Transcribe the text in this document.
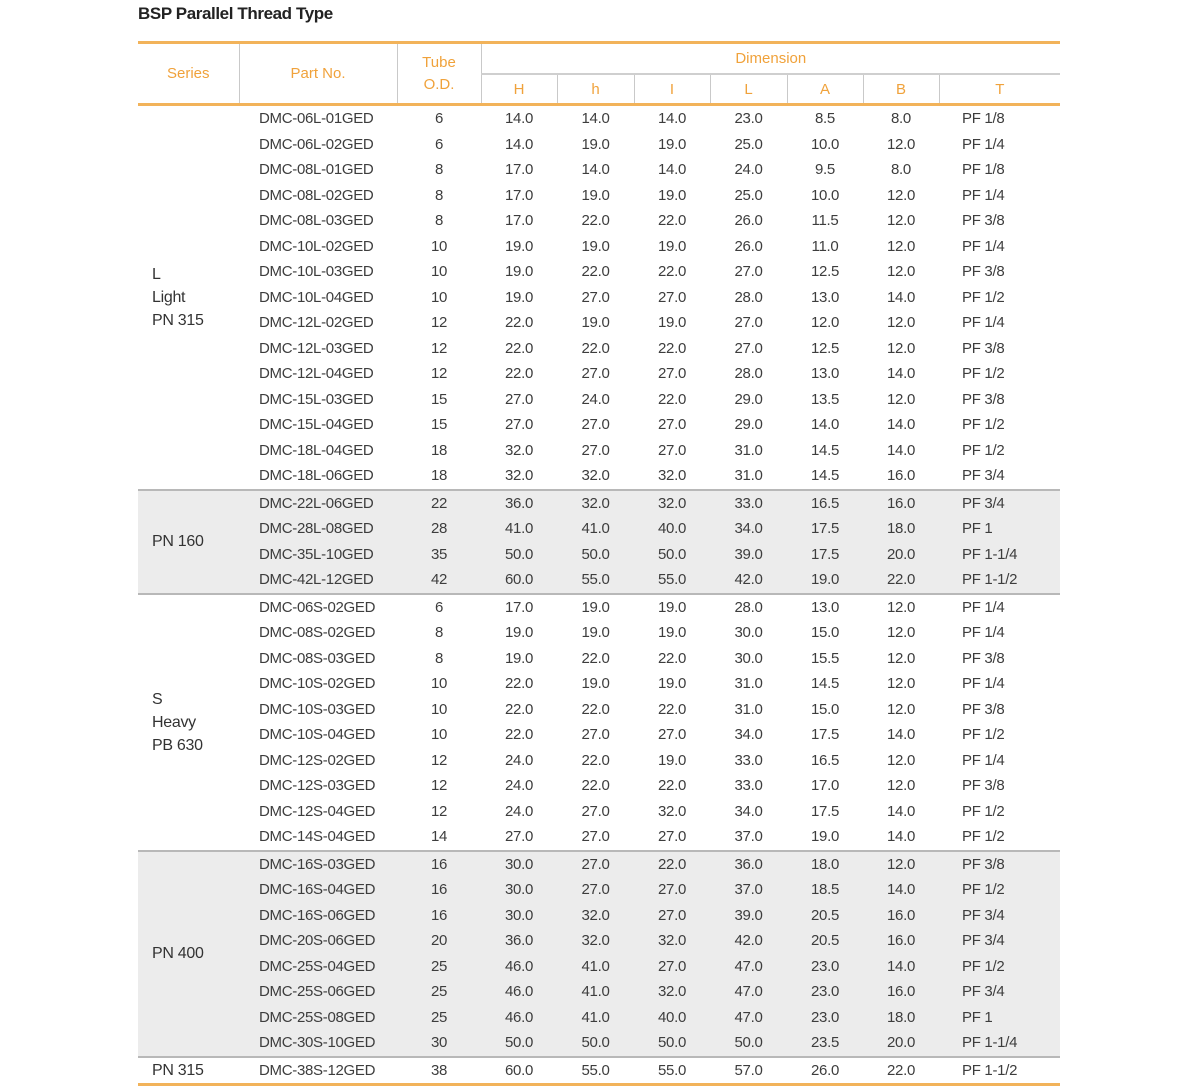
BSP Parallel Thread Type
Series	Part No.	Tube
O.D.	Dimension						
			H	h	I	L	A	B	T

L
Light
PN 315	DMC-06L-01GED	6	14.0	14.0	14.0	23.0	8.5	8.0	PF 1/8
	DMC-06L-02GED	6	14.0	19.0	19.0	25.0	10.0	12.0	PF 1/4
	DMC-08L-01GED	8	17.0	14.0	14.0	24.0	9.5	8.0	PF 1/8
	DMC-08L-02GED	8	17.0	19.0	19.0	25.0	10.0	12.0	PF 1/4
	DMC-08L-03GED	8	17.0	22.0	22.0	26.0	11.5	12.0	PF 3/8
	DMC-10L-02GED	10	19.0	19.0	19.0	26.0	11.0	12.0	PF 1/4
	DMC-10L-03GED	10	19.0	22.0	22.0	27.0	12.5	12.0	PF 3/8
	DMC-10L-04GED	10	19.0	27.0	27.0	28.0	13.0	14.0	PF 1/2
	DMC-12L-02GED	12	22.0	19.0	19.0	27.0	12.0	12.0	PF 1/4
	DMC-12L-03GED	12	22.0	22.0	22.0	27.0	12.5	12.0	PF 3/8
	DMC-12L-04GED	12	22.0	27.0	27.0	28.0	13.0	14.0	PF 1/2
	DMC-15L-03GED	15	27.0	24.0	22.0	29.0	13.5	12.0	PF 3/8
	DMC-15L-04GED	15	27.0	27.0	27.0	29.0	14.0	14.0	PF 1/2
	DMC-18L-04GED	18	32.0	27.0	27.0	31.0	14.5	14.0	PF 1/2
	DMC-18L-06GED	18	32.0	32.0	32.0	31.0	14.5	16.0	PF 3/4

PN 160	DMC-22L-06GED	22	36.0	32.0	32.0	33.0	16.5	16.0	PF 3/4
	DMC-28L-08GED	28	41.0	41.0	40.0	34.0	17.5	18.0	PF 1
	DMC-35L-10GED	35	50.0	50.0	50.0	39.0	17.5	20.0	PF 1-1/4
	DMC-42L-12GED	42	60.0	55.0	55.0	42.0	19.0	22.0	PF 1-1/2

S
Heavy
PB 630	DMC-06S-02GED	6	17.0	19.0	19.0	28.0	13.0	12.0	PF 1/4
	DMC-08S-02GED	8	19.0	19.0	19.0	30.0	15.0	12.0	PF 1/4
	DMC-08S-03GED	8	19.0	22.0	22.0	30.0	15.5	12.0	PF 3/8
	DMC-10S-02GED	10	22.0	19.0	19.0	31.0	14.5	12.0	PF 1/4
	DMC-10S-03GED	10	22.0	22.0	22.0	31.0	15.0	12.0	PF 3/8
	DMC-10S-04GED	10	22.0	27.0	27.0	34.0	17.5	14.0	PF 1/2
	DMC-12S-02GED	12	24.0	22.0	19.0	33.0	16.5	12.0	PF 1/4
	DMC-12S-03GED	12	24.0	22.0	22.0	33.0	17.0	12.0	PF 3/8
	DMC-12S-04GED	12	24.0	27.0	32.0	34.0	17.5	14.0	PF 1/2
	DMC-14S-04GED	14	27.0	27.0	27.0	37.0	19.0	14.0	PF 1/2

PN 400	DMC-16S-03GED	16	30.0	27.0	22.0	36.0	18.0	12.0	PF 3/8
	DMC-16S-04GED	16	30.0	27.0	27.0	37.0	18.5	14.0	PF 1/2
	DMC-16S-06GED	16	30.0	32.0	27.0	39.0	20.5	16.0	PF 3/4
	DMC-20S-06GED	20	36.0	32.0	32.0	42.0	20.5	16.0	PF 3/4
	DMC-25S-04GED	25	46.0	41.0	27.0	47.0	23.0	14.0	PF 1/2
	DMC-25S-06GED	25	46.0	41.0	32.0	47.0	23.0	16.0	PF 3/4
	DMC-25S-08GED	25	46.0	41.0	40.0	47.0	23.0	18.0	PF 1
	DMC-30S-10GED	30	50.0	50.0	50.0	50.0	23.5	20.0	PF 1-1/4

PN 315	DMC-38S-12GED	38	60.0	55.0	55.0	57.0	26.0	22.0	PF 1-1/2
